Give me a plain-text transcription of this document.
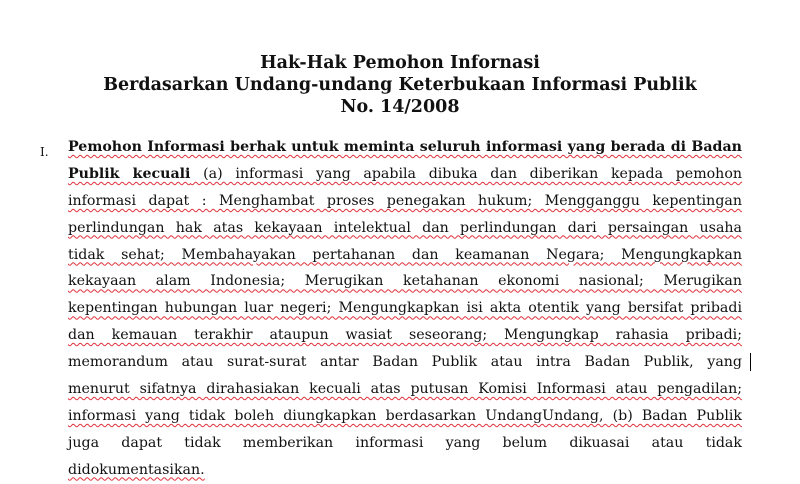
Hak-Hak Pemohon Infornasi
Berdasarkan Undang-undang Keterbukaan Informasi Publik
No. 14/2008
I. Pemohon Informasi berhak untuk meminta seluruh informasi yang berada di Badan
Publik kecuali (a) informasi yang apabila dibuka dan diberikan kepada pemohon
informasi dapat : Menghambat proses penegakan hukum; Mengganggu kepentingan
perlindungan hak atas kekayaan intelektual dan perlindungan dari persaingan usaha
tidak sehat; Membahayakan pertahanan dan keamanan Negara; Mengungkapkan
kekayaan alam Indonesia; Merugikan ketahanan ekonomi nasional; Merugikan
kepentingan hubungan luar negeri; Mengungkapkan isi akta otentik yang bersifat pribadi
dan kemauan terakhir ataupun wasiat seseorang; Mengungkap rahasia pribadi;
memorandum atau surat-surat antar Badan Publik atau intra Badan Publik, yang
menurut sifatnya dirahasiakan kecuali atas putusan Komisi Informasi atau pengadilan;
informasi yang tidak boleh diungkapkan berdasarkan UndangUndang, (b) Badan Publik
juga dapat tidak memberikan informasi yang belum dikuasai atau tidak
didokumentasikan.
